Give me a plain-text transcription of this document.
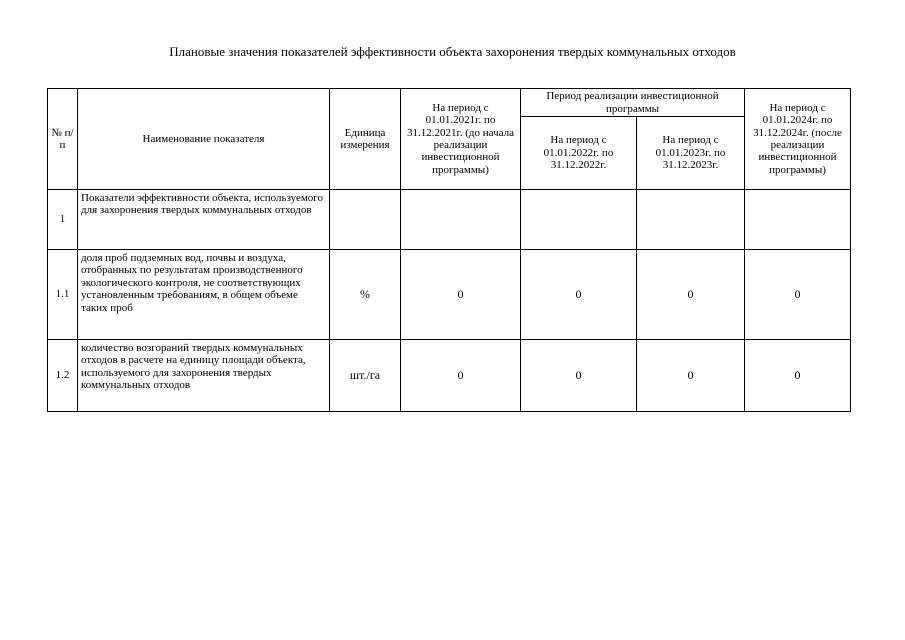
Плановые значения показателей эффективности объекта захоронения твердых коммунальных отходов
№ п/п	Наименование показателя	Единица измерения	На период с 01.01.2021г. по 31.12.2021г. (до начала реализации инвестиционной программы)	Период реализации инвестиционной программы		На период с 01.01.2024г. по 31.12.2024г. (после реализации инвестиционной программы)
				На период с 01.01.2022г. по 31.12.2022г.	На период с 01.01.2023г. по 31.12.2023г.	
1	Показатели эффективности объекта, используемого для захоронения твердых коммунальных отходов					
1.1	доля проб подземных вод, почвы и воздуха, отобранных по результатам производственного экологического контроля, не соответствующих установленным требованиям, в общем объеме таких проб	%	0	0	0	0
1.2	количество возгораний твердых коммунальных отходов в расчете на единицу площади объекта, используемого для захоронения твердых коммунальных отходов	шт./га	0	0	0	0
